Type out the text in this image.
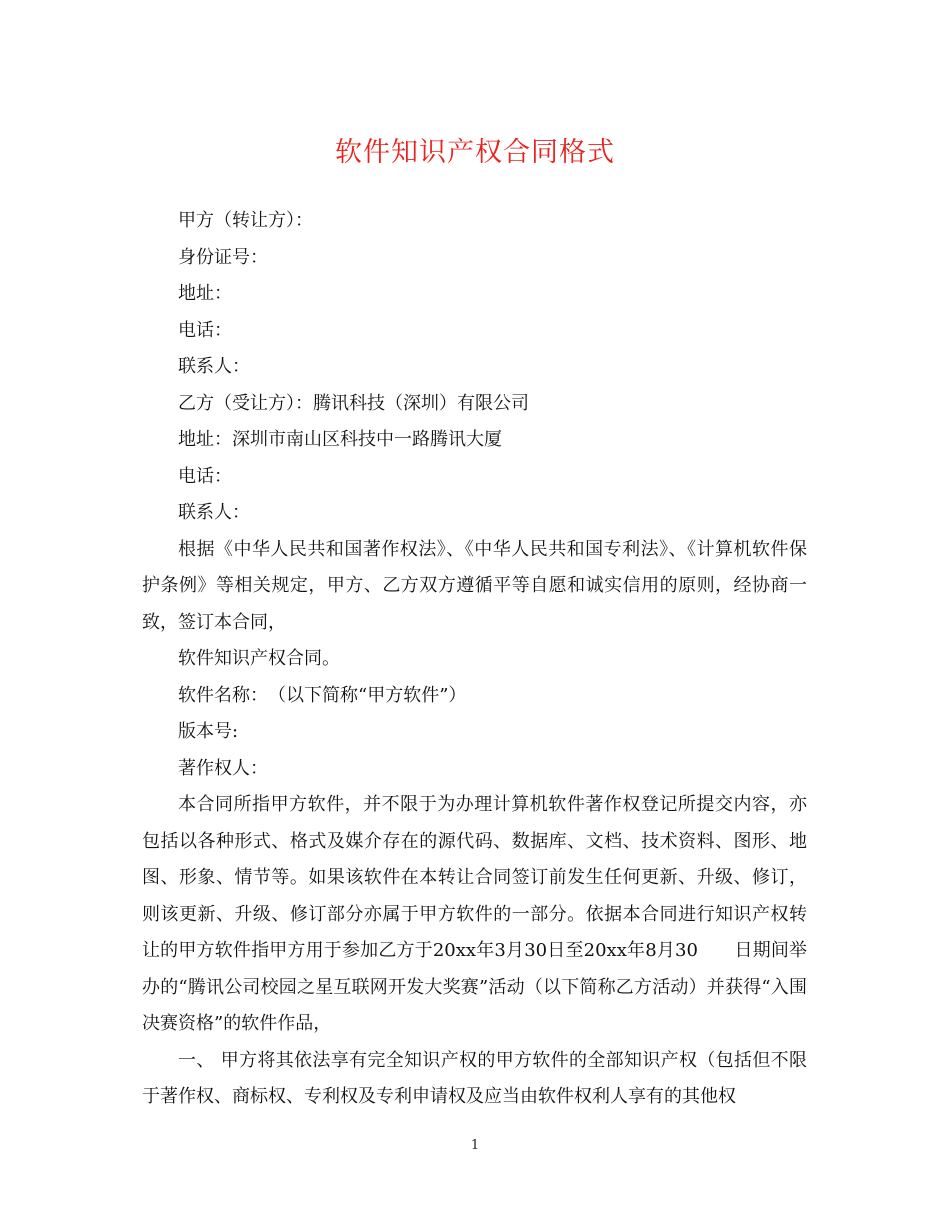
软件知识产权合同格式

甲方（转让方）：

身份证号：

地址：

电话：

联系人：

乙方（受让方）：腾讯科技（深圳）有限公司

地址：深圳市南山区科技中一路腾讯大厦

电话：

联系人：

根据《中华人民共和国著作权法》、《中华人民共和国专利法》、《计算机软件保护条例》等相关规定，甲方、乙方双方遵循平等自愿和诚实信用的原则，经协商一致，签订本合同，

软件知识产权合同。

软件名称：　（以下简称“甲方软件”）

版本号:

著作权人：

本合同所指甲方软件，并不限于为办理计算机软件著作权登记所提交内容，亦包括以各种形式、格式及媒介存在的源代码、数据库、文档、技术资料、图形、地图、形象、情节等。如果该软件在本转让合同签订前发生任何更新、升级、修订，则该更新、升级、修订部分亦属于甲方软件的一部分。依据本合同进行知识产权转让的甲方软件指甲方用于参加乙方于20xx年3月30日至20xx年8月30　　日期间举办的“腾讯公司校园之星互联网开发大奖赛”活动（以下简称乙方活动）并获得“入围决赛资格”的软件作品，

一、 甲方将其依法享有完全知识产权的甲方软件的全部知识产权（包括但不限于著作权、商标权、专利权及专利申请权及应当由软件权利人享有的其他权

1
